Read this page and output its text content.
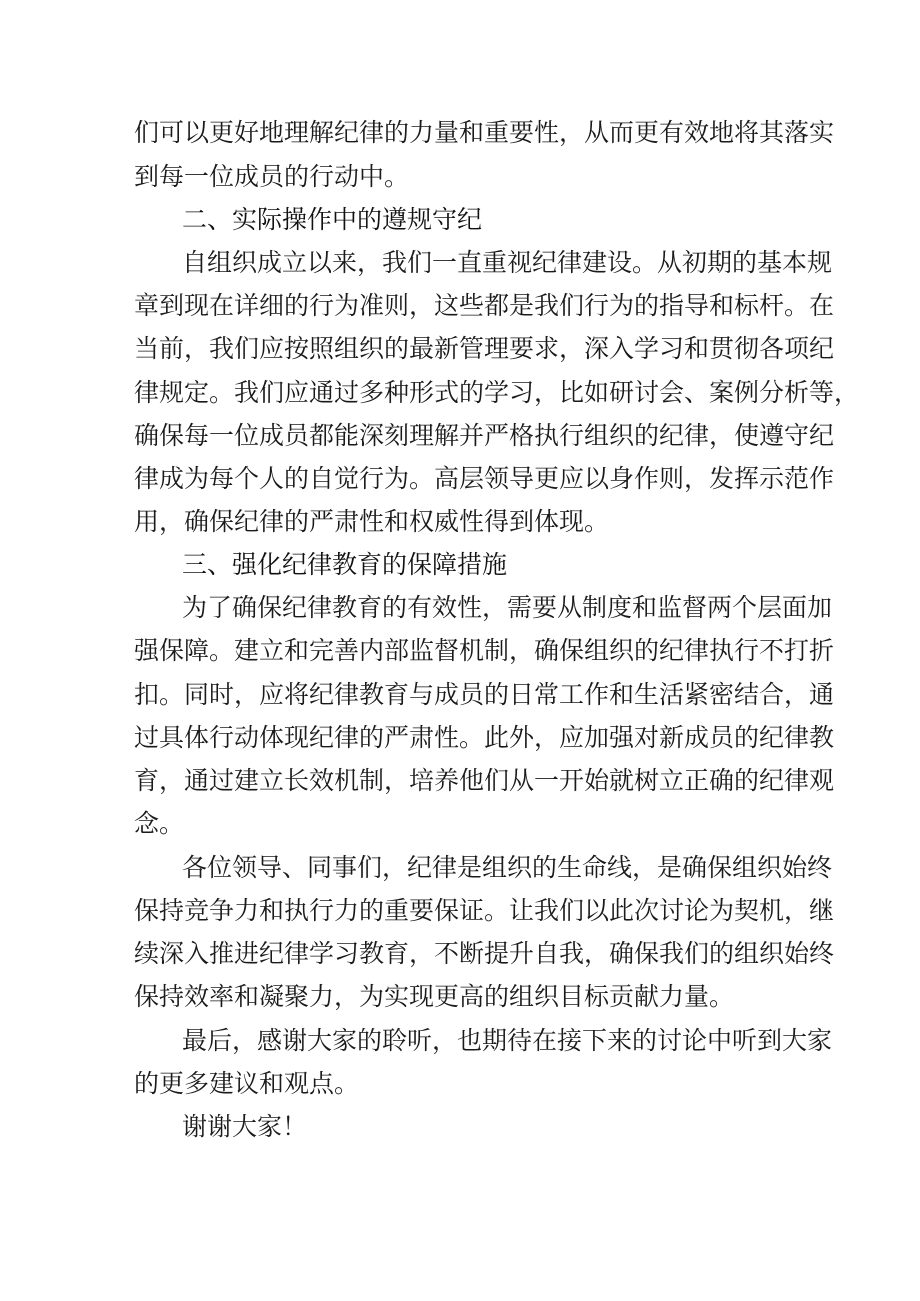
们可以更好地理解纪律的力量和重要性，从而更有效地将其落实

到每一位成员的行动中。

二、实际操作中的遵规守纪

自组织成立以来，我们一直重视纪律建设。从初期的基本规

章到现在详细的行为准则，这些都是我们行为的指导和标杆。在

当前，我们应按照组织的最新管理要求，深入学习和贯彻各项纪

律规定。我们应通过多种形式的学习，比如研讨会、案例分析等，

确保每一位成员都能深刻理解并严格执行组织的纪律，使遵守纪

律成为每个人的自觉行为。高层领导更应以身作则，发挥示范作

用，确保纪律的严肃性和权威性得到体现。

三、强化纪律教育的保障措施

为了确保纪律教育的有效性，需要从制度和监督两个层面加

强保障。建立和完善内部监督机制，确保组织的纪律执行不打折

扣。同时，应将纪律教育与成员的日常工作和生活紧密结合，通

过具体行动体现纪律的严肃性。此外，应加强对新成员的纪律教

育，通过建立长效机制，培养他们从一开始就树立正确的纪律观

念。

各位领导、同事们，纪律是组织的生命线，是确保组织始终

保持竞争力和执行力的重要保证。让我们以此次讨论为契机，继

续深入推进纪律学习教育，不断提升自我，确保我们的组织始终

保持效率和凝聚力，为实现更高的组织目标贡献力量。

最后，感谢大家的聆听，也期待在接下来的讨论中听到大家

的更多建议和观点。

谢谢大家！
